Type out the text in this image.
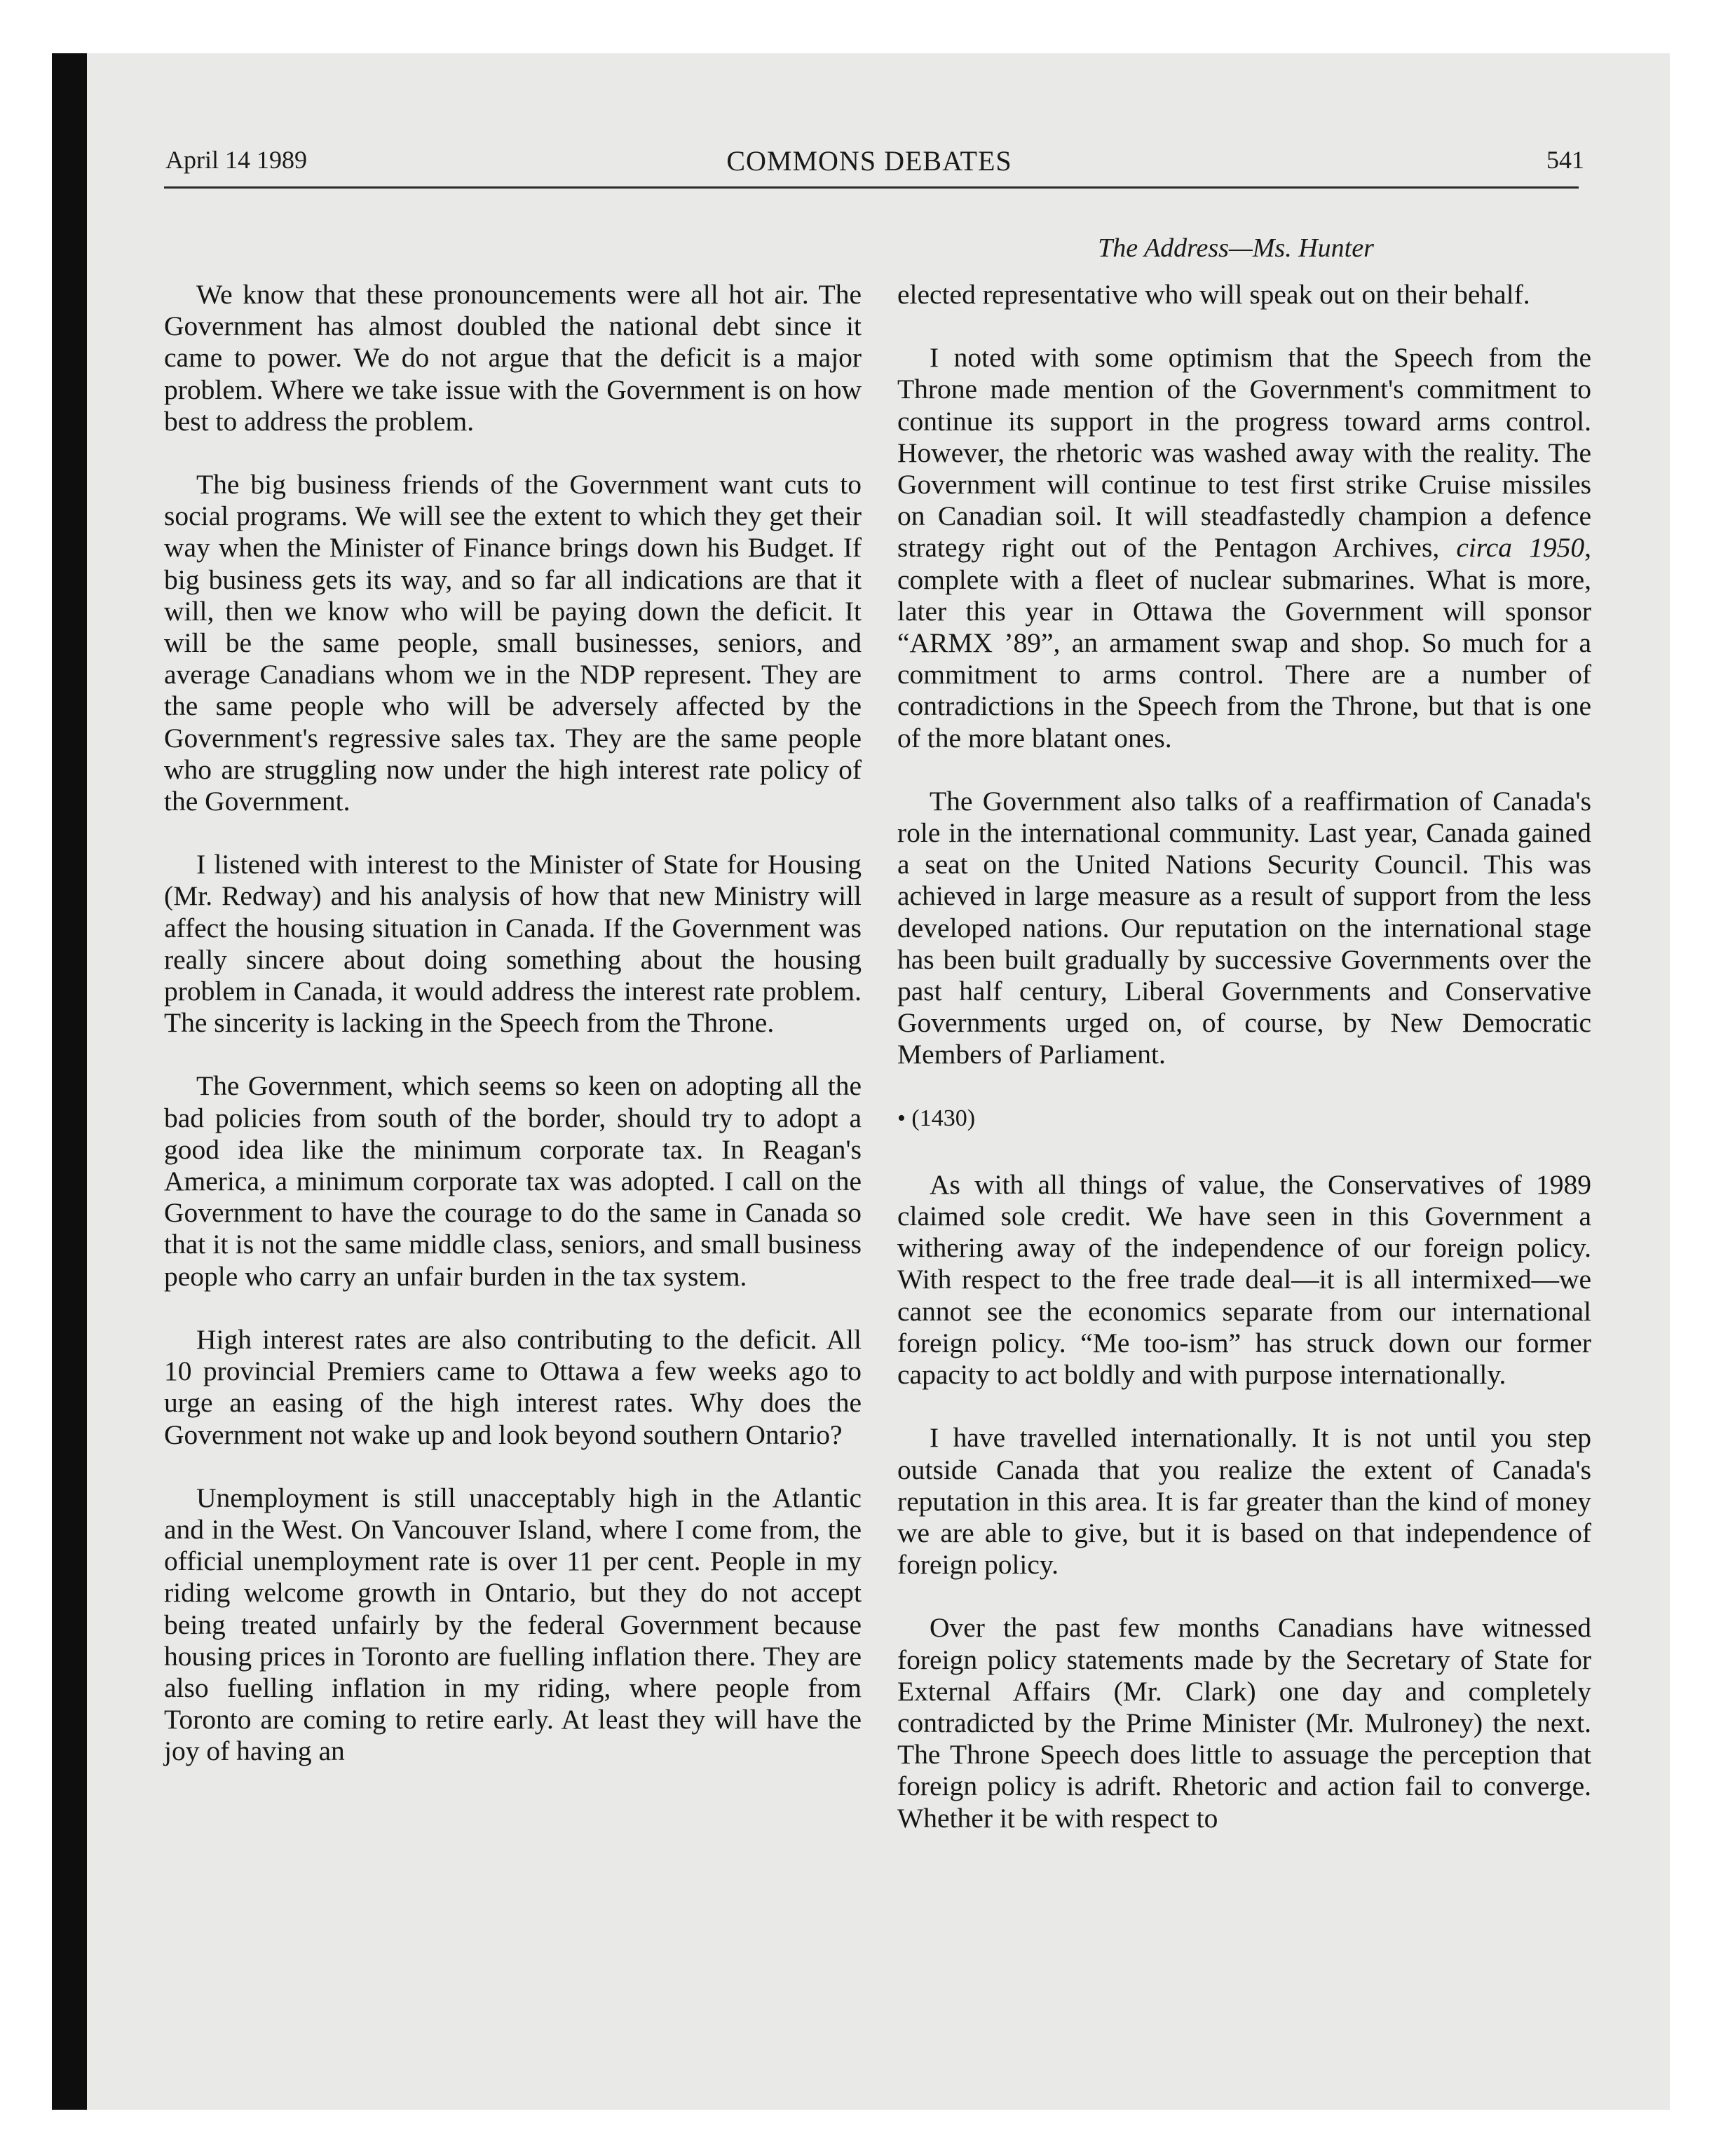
April 14 1989	COMMONS DEBATES	541
The Address—Ms. Hunter

We know that these pronouncements were all hot air. The Government has almost doubled the national debt since it came to power. We do not argue that the deficit is a major problem. Where we take issue with the Government is on how best to address the problem.

The big business friends of the Government want cuts to social programs. We will see the extent to which they get their way when the Minister of Finance brings down his Budget. If big business gets its way, and so far all indications are that it will, then we know who will be paying down the deficit. It will be the same people, small businesses, seniors, and average Canadians whom we in the NDP represent. They are the same people who will be adversely affected by the Government's regressive sales tax. They are the same people who are struggling now under the high interest rate policy of the Government.

I listened with interest to the Minister of State for Housing (Mr. Redway) and his analysis of how that new Ministry will affect the housing situation in Canada. If the Government was really sincere about doing something about the housing problem in Canada, it would address the interest rate problem. The sincerity is lacking in the Speech from the Throne.

The Government, which seems so keen on adopting all the bad policies from south of the border, should try to adopt a good idea like the minimum corporate tax. In Reagan's America, a minimum corporate tax was adopted. I call on the Government to have the courage to do the same in Canada so that it is not the same middle class, seniors, and small business people who carry an unfair burden in the tax system.

High interest rates are also contributing to the deficit. All 10 provincial Premiers came to Ottawa a few weeks ago to urge an easing of the high interest rates. Why does the Government not wake up and look beyond southern Ontario?

Unemployment is still unacceptably high in the Atlantic and in the West. On Vancouver Island, where I come from, the official unemployment rate is over 11 per cent. People in my riding welcome growth in Ontario, but they do not accept being treated unfairly by the federal Government because housing prices in Toronto are fuelling inflation there. They are also fuelling inflation in my riding, where people from Toronto are coming to retire early. At least they will have the joy of having an

elected representative who will speak out on their behalf.

I noted with some optimism that the Speech from the Throne made mention of the Government's commitment to continue its support in the progress toward arms control. However, the rhetoric was washed away with the reality. The Government will continue to test first strike Cruise missiles on Canadian soil. It will steadfastedly champion a defence strategy right out of the Pentagon Archives, circa 1950, complete with a fleet of nuclear submarines. What is more, later this year in Ottawa the Government will sponsor “ARMX ’89”, an armament swap and shop. So much for a commitment to arms control. There are a number of contradictions in the Speech from the Throne, but that is one of the more blatant ones.

The Government also talks of a reaffirmation of Canada's role in the international community. Last year, Canada gained a seat on the United Nations Security Council. This was achieved in large measure as a result of support from the less developed nations. Our reputation on the international stage has been built gradually by successive Governments over the past half century, Liberal Governments and Conservative Governments urged on, of course, by New Democratic Members of Parliament.

• (1430)

As with all things of value, the Conservatives of 1989 claimed sole credit. We have seen in this Government a withering away of the independence of our foreign policy. With respect to the free trade deal—it is all intermixed—we cannot see the economics separate from our international foreign policy. “Me too-ism” has struck down our former capacity to act boldly and with purpose internationally.

I have travelled internationally. It is not until you step outside Canada that you realize the extent of Canada's reputation in this area. It is far greater than the kind of money we are able to give, but it is based on that independence of foreign policy.

Over the past few months Canadians have witnessed foreign policy statements made by the Secretary of State for External Affairs (Mr. Clark) one day and completely contradicted by the Prime Minister (Mr. Mulroney) the next. The Throne Speech does little to assuage the perception that foreign policy is adrift. Rhetoric and action fail to converge. Whether it be with respect to
